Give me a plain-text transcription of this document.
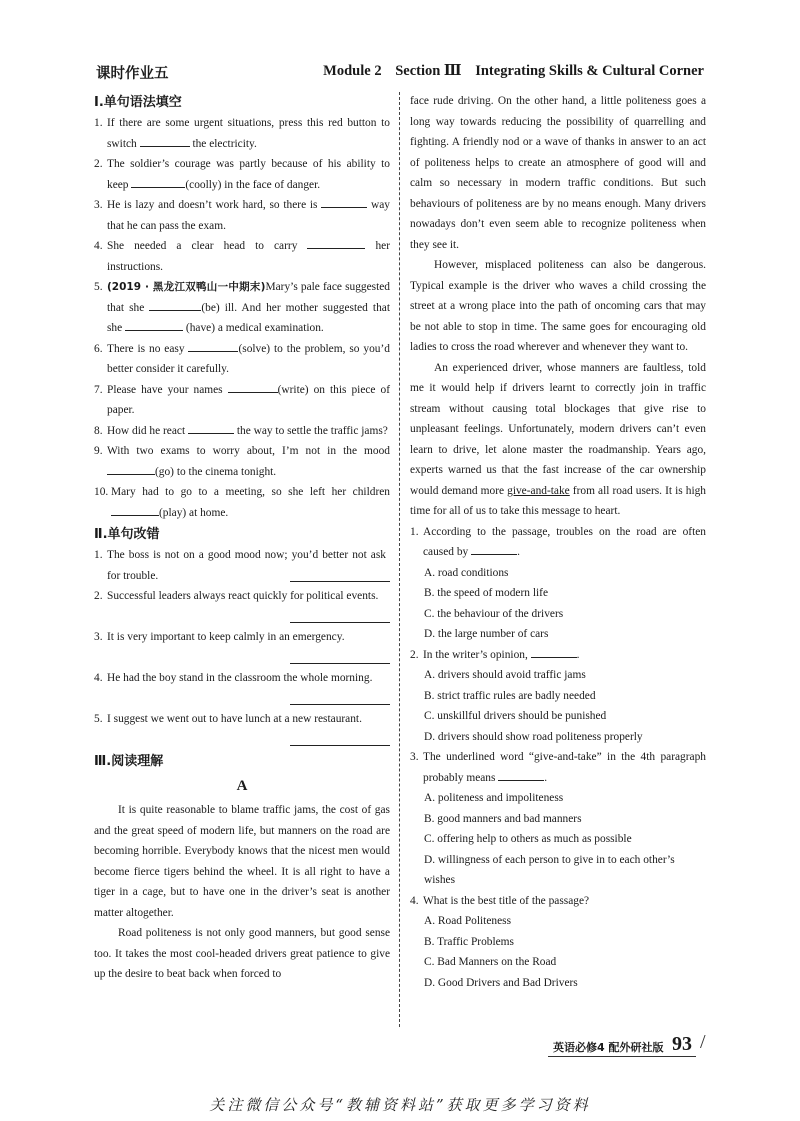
课时作业五	Module 2 Section Ⅲ Integrating Skills & Cultural Corner
Ⅰ.单句语法填空
1. If there are some urgent situations, press this red button to switch	the electricity.
2. The soldier’s courage was partly because of his ability to keep	(coolly) in the face of danger.
3. He is lazy and doesn’t work hard, so there is	way that he can pass the exam.
4. She needed a clear head to carry	her instructions.
5. (2019 · 黑龙江双鸭山一中期末)Mary’s pale face suggested that she	(be) ill. And her mother suggested that she	(have) a medical examination.
6. There is no easy	(solve) to the problem, so you’d better consider it carefully.
7. Please have your names	(write) on this piece of paper.
8. How did he react	the way to settle the traffic jams?
9. With two exams to worry about, I’m not in the mood (go) to the cinema tonight.
10. Mary had to go to a meeting, so she left her children (play) at home.
Ⅱ.单句改错
1. The boss is not on a good mood now; you’d better not ask for trouble.
2. Successful leaders always react quickly for political events.
3. It is very important to keep calmly in an emergency.
4. He had the boy stand in the classroom the whole morning.
5. I suggest we went out to have lunch at a new restaurant.
Ⅲ.阅读理解
A
It is quite reasonable to blame traffic jams, the cost of gas and the great speed of modern life, but manners on the road are becoming horrible. Everybody knows that the nicest men would become fierce tigers behind the wheel. It is all right to have a tiger in a cage, but to have one in the driver’s seat is another matter altogether.
Road politeness is not only good manners, but good sense too. It takes the most cool-headed drivers great patience to give up the desire to beat back when forced to
face rude driving. On the other hand, a little politeness goes a long way towards reducing the possibility of quarrelling and fighting. A friendly nod or a wave of thanks in answer to an act of politeness helps to create an atmosphere of good will and calm so necessary in modern traffic conditions. But such behaviours of politeness are by no means enough. Many drivers nowadays don’t even seem able to recognize politeness when they see it.
However, misplaced politeness can also be dangerous. Typical example is the driver who waves a child crossing the street at a wrong place into the path of oncoming cars that may be not able to stop in time. The same goes for encouraging old ladies to cross the road wherever and whenever they want to.
An experienced driver, whose manners are faultless, told me it would help if drivers learnt to correctly join in traffic stream without causing total blockages that give rise to unpleasant feelings. Unfortunately, modern drivers can’t even learn to drive, let alone master the roadmanship. Years ago, experts warned us that the fast increase of the car ownership would demand more give-and-take from all road users. It is high time for all of us to take this message to heart.
1. According to the passage, troubles on the road are often caused by	.
A. road conditions
B. the speed of modern life
C. the behaviour of the drivers
D. the large number of cars
2. In the writer’s opinion,	.
A. drivers should avoid traffic jams
B. strict traffic rules are badly needed
C. unskillful drivers should be punished
D. drivers should show road politeness properly
3. The underlined word “give-and-take” in the 4th paragraph probably means	.
A. politeness and impoliteness
B. good manners and bad manners
C. offering help to others as much as possible
D. willingness of each person to give in to each other’s wishes
4. What is the best title of the passage?
A. Road Politeness
B. Traffic Problems
C. Bad Manners on the Road
D. Good Drivers and Bad Drivers
英语必修4 配外研社版 93 /
关注微信公众号“教辅资料站”获取更多学习资料
